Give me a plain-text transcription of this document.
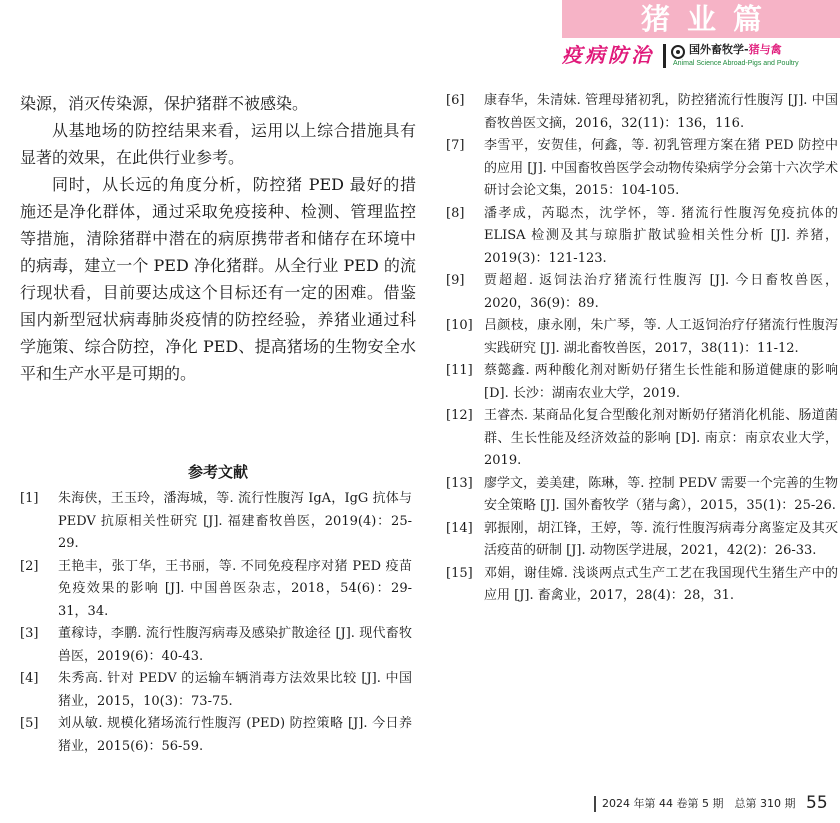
猪业篇
疫病防治	国外畜牧学-猪与禽
Animal Science Abroad-Pigs and Poultry

染源，消灭传染源，保护猪群不被感染。

从基地场的防控结果来看，运用以上综合措施具有显著的效果，在此供行业参考。

同时，从长远的角度分析，防控猪 PED 最好的措施还是净化群体，通过采取免疫接种、检测、管理监控等措施，清除猪群中潜在的病原携带者和储存在环境中的病毒，建立一个 PED 净化猪群。从全行业 PED 的流行现状看，目前要达成这个目标还有一定的困难。借鉴国内新型冠状病毒肺炎疫情的防控经验，养猪业通过科学施策、综合防控，净化 PED、提高猪场的生物安全水平和生产水平是可期的。

参考文献
[1]	朱海侠，王玉玲，潘海城，等. 流行性腹泻 IgA，IgG 抗体与 PEDV 抗原相关性研究 [J]. 福建畜牧兽医，2019(4)：25-29.
[2]	王艳丰，张丁华，王书丽，等. 不同免疫程序对猪 PED 疫苗免疫效果的影响 [J]. 中国兽医杂志，2018，54(6)：29-31，34.
[3]	董稼诗，李鹏. 流行性腹泻病毒及感染扩散途径 [J]. 现代畜牧兽医，2019(6)：40-43.
[4]	朱秀高. 针对 PEDV 的运输车辆消毒方法效果比较 [J]. 中国猪业，2015，10(3)：73-75.
[5]	刘从敏. 规模化猪场流行性腹泻 (PED) 防控策略 [J]. 今日养猪业，2015(6)：56-59.
[6]	康春华，朱清妹. 管理母猪初乳，防控猪流行性腹泻 [J]. 中国畜牧兽医文摘，2016，32(11)：136，116.
[7]	李雪平，安贺佳，何鑫，等. 初乳管理方案在猪 PED 防控中的应用 [J]. 中国畜牧兽医学会动物传染病学分会第十六次学术研讨会论文集，2015：104-105.
[8]	潘孝成，芮聪杰，沈学怀，等. 猪流行性腹泻免疫抗体的 ELISA 检测及其与琼脂扩散试验相关性分析 [J]. 养猪，2019(3)：121-123.
[9]	贾超超. 返饲法治疗猪流行性腹泻 [J]. 今日畜牧兽医，2020，36(9)：89.
[10] 吕颜枝，康永刚，朱广琴，等. 人工返饲治疗仔猪流行性腹泻实践研究 [J]. 湖北畜牧兽医，2017，38(11)：11-12.
[11] 蔡懿鑫. 两种酸化剂对断奶仔猪生长性能和肠道健康的影响 [D]. 长沙：湖南农业大学，2019.
[12] 王睿杰. 某商品化复合型酸化剂对断奶仔猪消化机能、肠道菌群、生长性能及经济效益的影响 [D]. 南京：南京农业大学，2019.
[13] 廖学文，姜美建，陈琳，等. 控制 PEDV 需要一个完善的生物安全策略 [J]. 国外畜牧学（猪与禽），2015，35(1)：25-26.
[14] 郭振刚，胡江锋，王婷，等. 流行性腹泻病毒分离鉴定及其灭活疫苗的研制 [J]. 动物医学进展，2021，42(2)：26-33.
[15] 邓娟，谢佳嫦. 浅谈两点式生产工艺在我国现代生猪生产中的应用 [J]. 畜禽业，2017，28(4)：28，31.
2024 年第 44 卷第 5 期　总第 310 期 55
